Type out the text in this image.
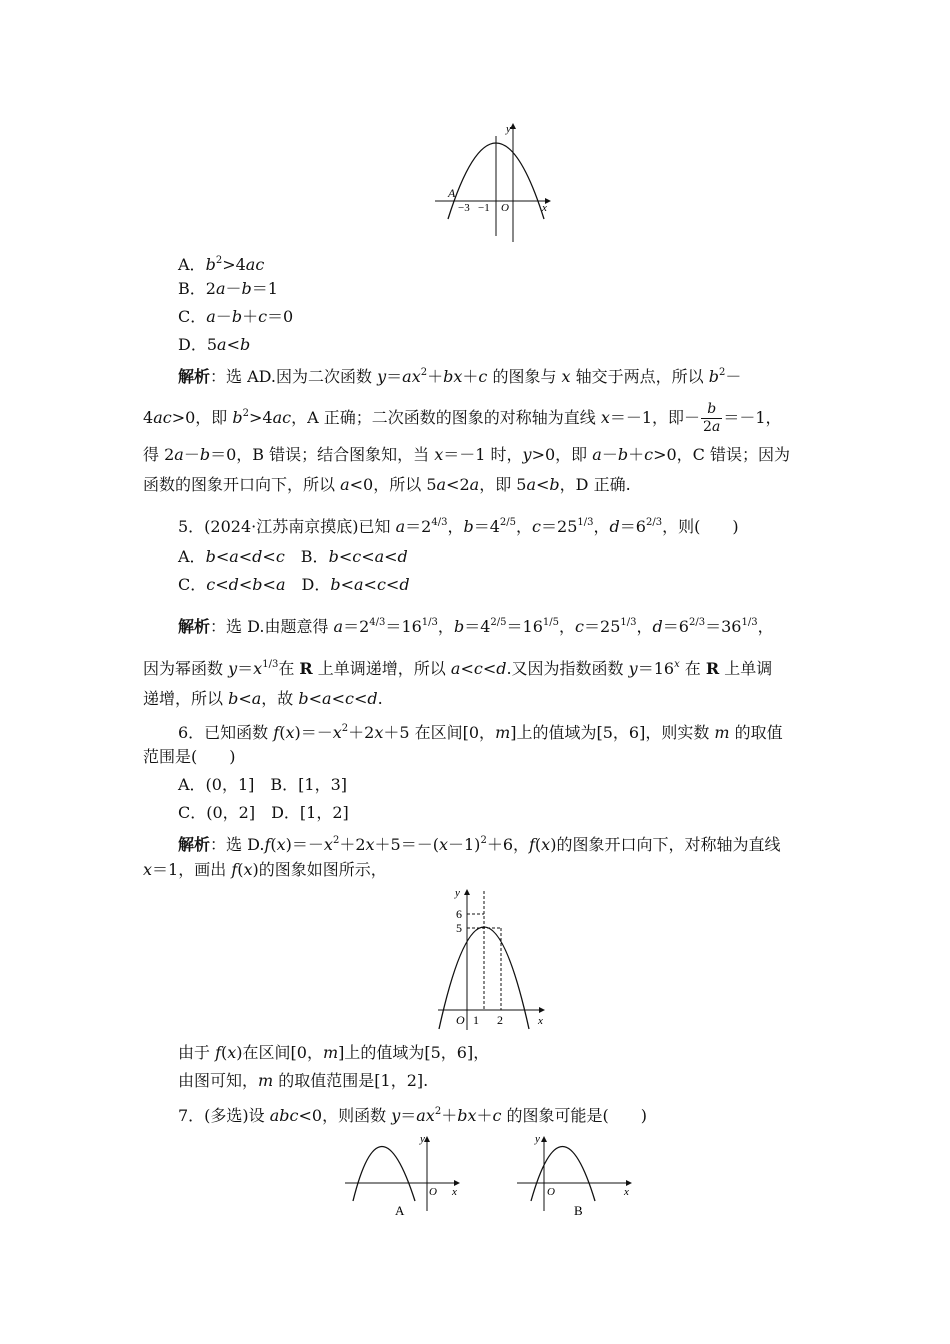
y
A
−3 −1 O	x
A．$b^2>4ac$
B．2a－b＝1
C．a－b＋c＝0
D．5a<b
解析：选 AD.因为二次函数 $y=ax^2+bx+c$ 的图象与 x 轴交于两点，所以 $b^2-$
4ac>0，即 $b^2>4ac$，A 正确；二次函数的图象的对称轴为直线 x＝－1，即－ $\frac{b}{2a} =-1$，
得 2a－b＝0，B 错误；结合图象知，当 x＝－1 时，y>0，即 a－b＋c>0，C 错误；因为
函数的图象开口向下，所以 a<0，所以 5a<2a，即 5a<b，D 正确.
5．(2024·江苏南京摸底)已知 $a=2^{4/3}$，$b=4^{2/5}$，$c=25^{1/3}$，$d=6^{2/3}$，则(　　)
A．b<a<d<c　B．b<c<a<d
C．c<d<b<a　D．b<a<c<d
解析：选 D.由题意得 $a=2^{4/3}=16^{1/3}$，$b=4^{2/5}=16^{1/5}$，$c=25^{1/3}$，$d=6^{2/3}=36^{1/3}$，
因为幂函数 $y=x^{1/3}$在 R 上单调递增，所以 a<c<d.又因为指数函数 $y=16^x$ 在 R 上单调
递增，所以 b<a，故 b<a<c<d.
6．已知函数 $f(x)=-x^2+2x+5$ 在区间[0，m]上的值域为[5，6]，则实数 m 的取值
范围是(　　)
A．(0，1]　B．[1，3]
C．(0，2]　D．[1，2]
解析：选 $D.f(x)=-x^2+2x+5=-(x-1)^2+6$，f(x)的图象开口向下，对称轴为直线
x＝1，画出 f(x)的图象如图所示，
y
6
5
O 1 2	x
由于 f(x)在区间[0，m]上的值域为[5，6]，
由图可知，m 的取值范围是[1，2].
7．(多选)设 abc<0，则函数 $y=ax^2+bx+c$ 的图象可能是(　　)
y
O x
A
y
O	x
B
